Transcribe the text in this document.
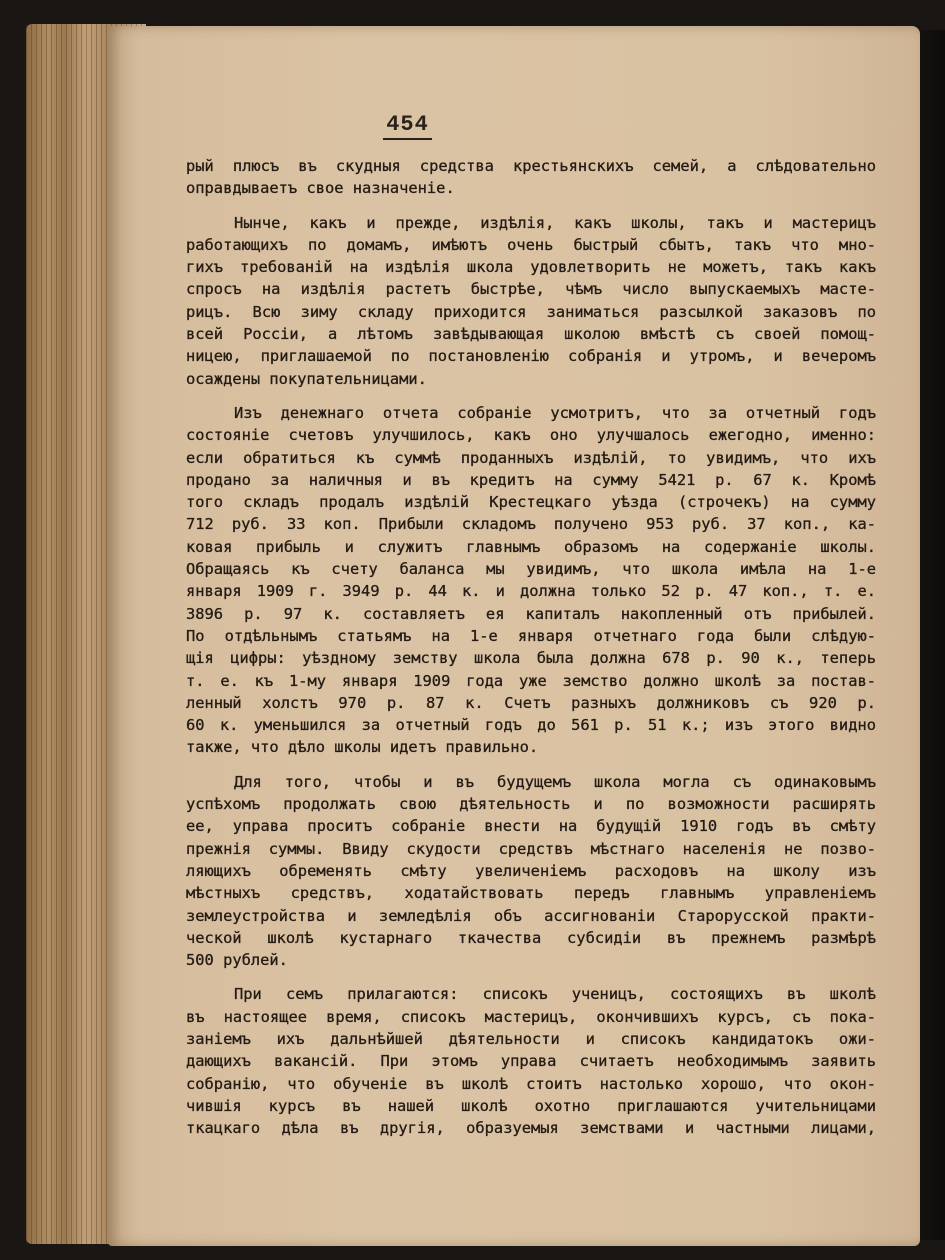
454
рый плюсъ въ скудныя средства крестьянскихъ семей, а слѣдовательно
оправдываетъ свое назначеніе.
Нынче, какъ и прежде, издѣлія, какъ школы, такъ и мастерицъ
работающихъ по домамъ, имѣютъ очень быстрый сбытъ, такъ что мно-
гихъ требованій на издѣлія школа удовлетворить не можетъ, такъ какъ
спросъ на издѣлія растетъ быстрѣе, чѣмъ число выпускаемыхъ масте-
рицъ. Всю зиму складу приходится заниматься разсылкой заказовъ по
всей Россіи, а лѣтомъ завѣдывающая школою вмѣстѣ съ своей помощ-
ницею, приглашаемой по постановленію собранія и утромъ, и вечеромъ
осаждены покупательницами.
Изъ денежнаго отчета собраніе усмотритъ, что за отчетный годъ
состояніе счетовъ улучшилось, какъ оно улучшалось ежегодно, именно:
если обратиться къ суммѣ проданныхъ издѣлій, то увидимъ, что ихъ
продано за наличныя и въ кредитъ на сумму 5421 р. 67 к. Кромѣ
того складъ продалъ издѣлій Крестецкаго уѣзда (строчекъ) на сумму
712 руб. 33 коп. Прибыли складомъ получено 953 руб. 37 коп., ка-
ковая прибыль и служитъ главнымъ образомъ на содержаніе школы.
Обращаясь къ счету баланса мы увидимъ, что школа имѣла на 1-е
января 1909 г. 3949 р. 44 к. и должна только 52 р. 47 коп., т. е.
3896 р. 97 к. составляетъ ея капиталъ накопленный отъ прибылей.
По отдѣльнымъ статьямъ на 1-е января отчетнаго года были слѣдую-
щія цифры: уѣздному земству школа была должна 678 р. 90 к., теперь
т. е. къ 1-му января 1909 года уже земство должно школѣ за постав-
ленный холстъ 970 р. 87 к. Счетъ разныхъ должниковъ съ 920 р.
60 к. уменьшился за отчетный годъ до 561 р. 51 к.; изъ этого видно
также, что дѣло школы идетъ правильно.
Для того, чтобы и въ будущемъ школа могла съ одинаковымъ
успѣхомъ продолжать свою дѣятельность и по возможности расширять
ее, управа проситъ собраніе внести на будущій 1910 годъ въ смѣту
прежнія суммы. Ввиду скудости средствъ мѣстнаго населенія не позво-
ляющихъ обременять смѣту увеличеніемъ расходовъ на школу изъ
мѣстныхъ средствъ, ходатайствовать передъ главнымъ управленіемъ
землеустройства и земледѣлія объ ассигнованіи Старорусской практи-
ческой школѣ кустарнаго ткачества субсидіи въ прежнемъ размѣрѣ
500 рублей.
При семъ прилагаются: списокъ ученицъ, состоящихъ въ школѣ
въ настоящее время, списокъ мастерицъ, окончившихъ курсъ, съ пока-
заніемъ ихъ дальнѣйшей дѣятельности и списокъ кандидатокъ ожи-
дающихъ вакансій. При этомъ управа считаетъ необходимымъ заявить
собранію, что обученіе въ школѣ стоитъ настолько хорошо, что окон-
чившія курсъ въ нашей школѣ охотно приглашаются учительницами
ткацкаго дѣла въ другія, образуемыя земствами и частными лицами,
